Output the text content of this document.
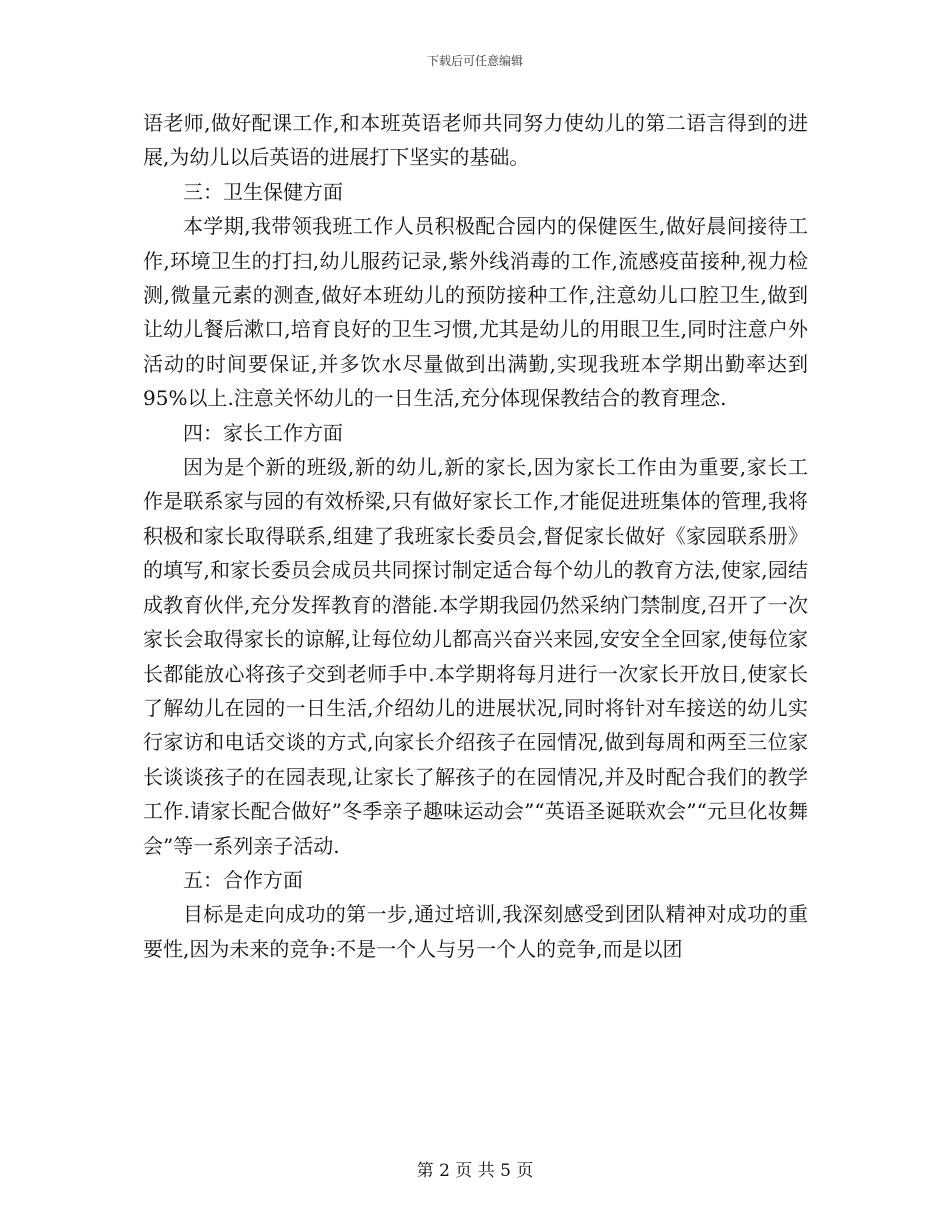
下载后可任意编辑

语老师,做好配课工作,和本班英语老师共同努力使幼儿的第二语言得到的进展,为幼儿以后英语的进展打下坚实的基础。

三：卫生保健方面

本学期,我带领我班工作人员积极配合园内的保健医生,做好晨间接待工作,环境卫生的打扫,幼儿服药记录,紫外线消毒的工作,流感疫苗接种,视力检测,微量元素的测查,做好本班幼儿的预防接种工作,注意幼儿口腔卫生,做到让幼儿餐后漱口,培育良好的卫生习惯,尤其是幼儿的用眼卫生,同时注意户外活动的时间要保证,并多饮水尽量做到出满勤,实现我班本学期出勤率达到95%以上.注意关怀幼儿的一日生活,充分体现保教结合的教育理念.

四：家长工作方面

因为是个新的班级,新的幼儿,新的家长,因为家长工作由为重要,家长工作是联系家与园的有效桥梁,只有做好家长工作,才能促进班集体的管理,我将积极和家长取得联系,组建了我班家长委员会,督促家长做好《家园联系册》的填写,和家长委员会成员共同探讨制定适合每个幼儿的教育方法,使家,园结成教育伙伴,充分发挥教育的潜能.本学期我园仍然采纳门禁制度,召开了一次家长会取得家长的谅解,让每位幼儿都高兴奋兴来园,安安全全回家,使每位家长都能放心将孩子交到老师手中.本学期将每月进行一次家长开放日,使家长了解幼儿在园的一日生活,介绍幼儿的进展状况,同时将针对车接送的幼儿实行家访和电话交谈的方式,向家长介绍孩子在园情况,做到每周和两至三位家长谈谈孩子的在园表现,让家长了解孩子的在园情况,并及时配合我们的教学工作.请家长配合做好”冬季亲子趣味运动会”“英语圣诞联欢会”“元旦化妆舞会”等一系列亲子活动.

五：合作方面

目标是走向成功的第一步,通过培训,我深刻感受到团队精神对成功的重要性,因为未来的竞争:不是一个人与另一个人的竞争,而是以团

第 2 页 共 5 页
